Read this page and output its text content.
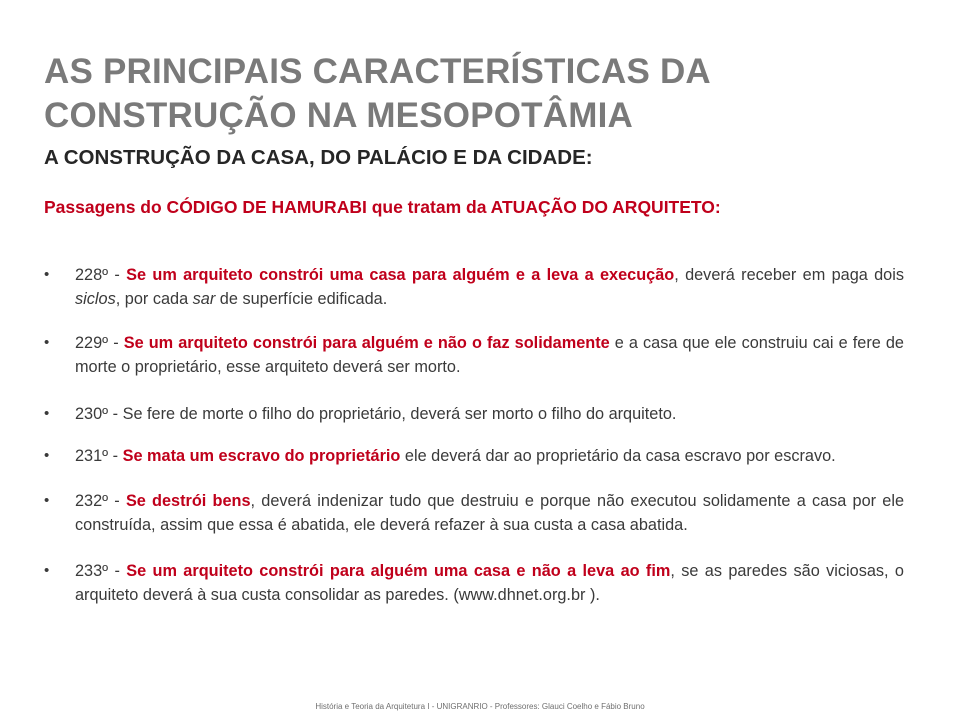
AS PRINCIPAIS CARACTERÍSTICAS DA
CONSTRUÇÃO NA MESOPOTÂMIA
A CONSTRUÇÃO DA CASA, DO PALÁCIO E DA CIDADE:
Passagens do CÓDIGO DE HAMURABI que tratam da ATUAÇÃO DO ARQUITETO:
• 228º - Se um arquiteto constrói uma casa para alguém e a leva a execução, deverá receber em paga dois siclos, por cada sar de superfície edificada.
• 229º - Se um arquiteto constrói para alguém e não o faz solidamente e a casa que ele construiu cai e fere de morte o proprietário, esse arquiteto deverá ser morto.
• 230º - Se fere de morte o filho do proprietário, deverá ser morto o filho do arquiteto.
• 231º - Se mata um escravo do proprietário ele deverá dar ao proprietário da casa escravo por escravo.
• 232º - Se destrói bens, deverá indenizar tudo que destruiu e porque não executou solidamente a casa por ele construída, assim que essa é abatida, ele deverá refazer à sua custa a casa abatida.
• 233º - Se um arquiteto constrói para alguém uma casa e não a leva ao fim, se as paredes são viciosas, o arquiteto deverá à sua custa consolidar as paredes. (www.dhnet.org.br ).
História e Teoria da Arquitetura I - UNIGRANRIO - Professores: Glauci Coelho e Fábio Bruno
